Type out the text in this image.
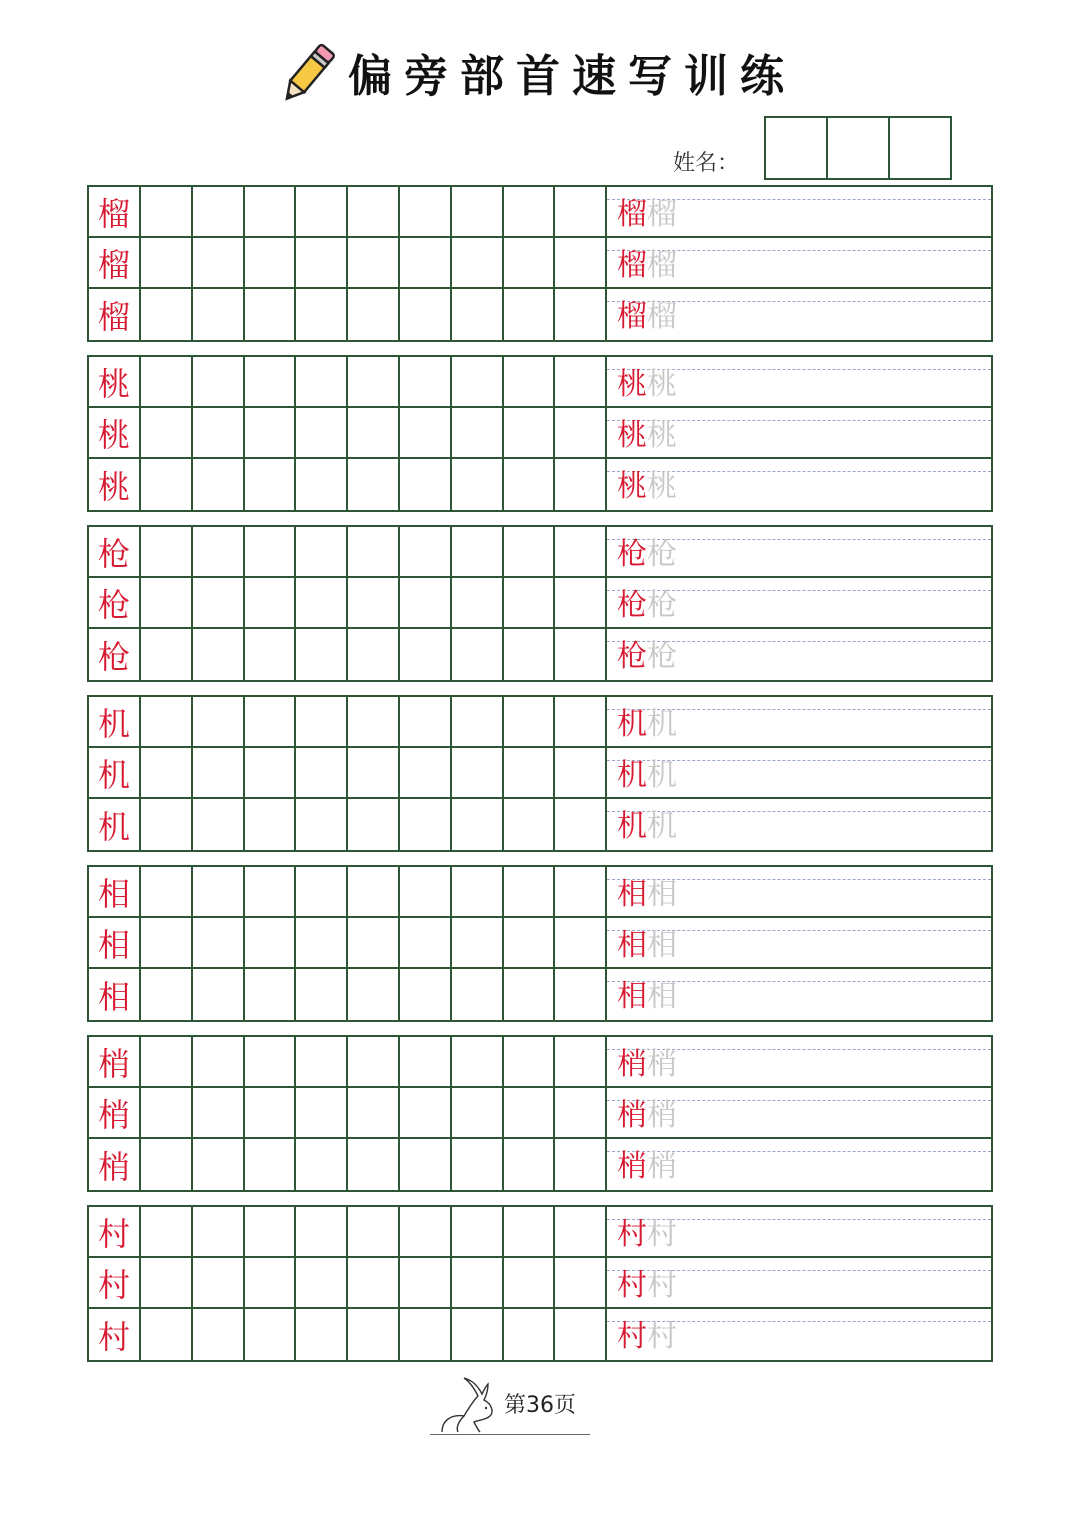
偏旁部首速写训练
姓名：
榴
榴
榴
榴榴
榴榴
榴榴
桃
桃
桃
桃桃
桃桃
桃桃
枪
枪
枪
枪枪
枪枪
枪枪
机
机
机
机机
机机
机机
相
相
相
相相
相相
相相
梢
梢
梢
梢梢
梢梢
梢梢
村
村
村
村村
村村
村村
第36页
